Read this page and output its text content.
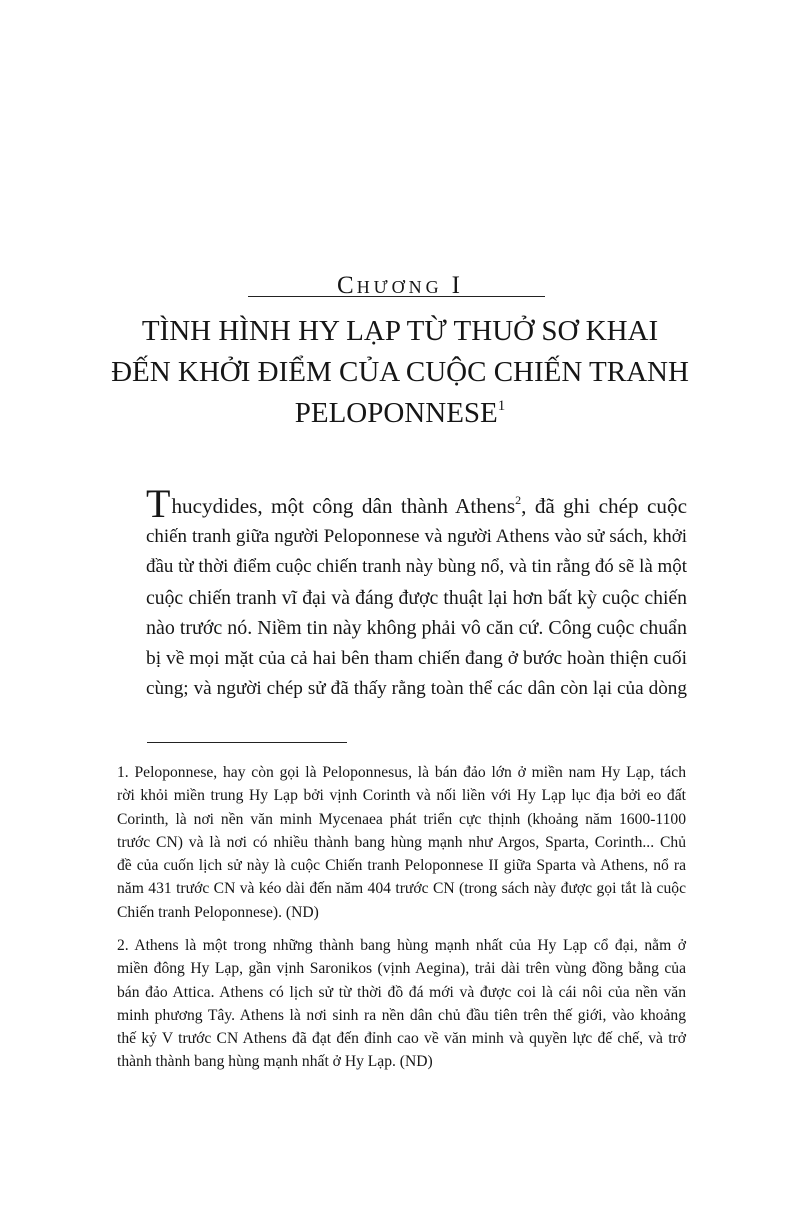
CHƯƠNG I
TÌNH HÌNH HY LẠP TỪ THUỞ SƠ KHAI
ĐẾN KHỞI ĐIỂM CỦA CUỘC CHIẾN TRANH
PELOPONNESE$^1$
Thucydides, một công dân thành Athens$^2$, đã ghi chép cuộc
chiến tranh giữa người Peloponnese và người Athens vào sử sách, khởi
đầu từ thời điểm cuộc chiến tranh này bùng nổ, và tin rằng đó sẽ là một
cuộc chiến tranh vĩ đại và đáng được thuật lại hơn bất kỳ cuộc chiến
nào trước nó. Niềm tin này không phải vô căn cứ. Công cuộc chuẩn
bị về mọi mặt của cả hai bên tham chiến đang ở bước hoàn thiện cuối
cùng; và người chép sử đã thấy rằng toàn thể các dân còn lại của dòng
1. Peloponnese, hay còn gọi là Peloponnesus, là bán đảo lớn ở miền nam Hy Lạp, tách
rời khỏi miền trung Hy Lạp bởi vịnh Corinth và nối liền với Hy Lạp lục địa bởi eo đất
Corinth, là nơi nền văn minh Mycenaea phát triển cực thịnh (khoảng năm 1600-1100
trước CN) và là nơi có nhiều thành bang hùng mạnh như Argos, Sparta, Corinth... Chủ
đề của cuốn lịch sử này là cuộc Chiến tranh Peloponnese II giữa Sparta và Athens, nổ ra
năm 431 trước CN và kéo dài đến năm 404 trước CN (trong sách này được gọi tắt là cuộc
Chiến tranh Peloponnese). (ND)
2. Athens là một trong những thành bang hùng mạnh nhất của Hy Lạp cổ đại, nằm ở
miền đông Hy Lạp, gần vịnh Saronikos (vịnh Aegina), trải dài trên vùng đồng bằng của
bán đảo Attica. Athens có lịch sử từ thời đồ đá mới và được coi là cái nôi của nền văn
minh phương Tây. Athens là nơi sinh ra nền dân chủ đầu tiên trên thế giới, vào khoảng
thế kỷ V trước CN Athens đã đạt đến đỉnh cao về văn minh và quyền lực đế chế, và trở
thành thành bang hùng mạnh nhất ở Hy Lạp. (ND)
